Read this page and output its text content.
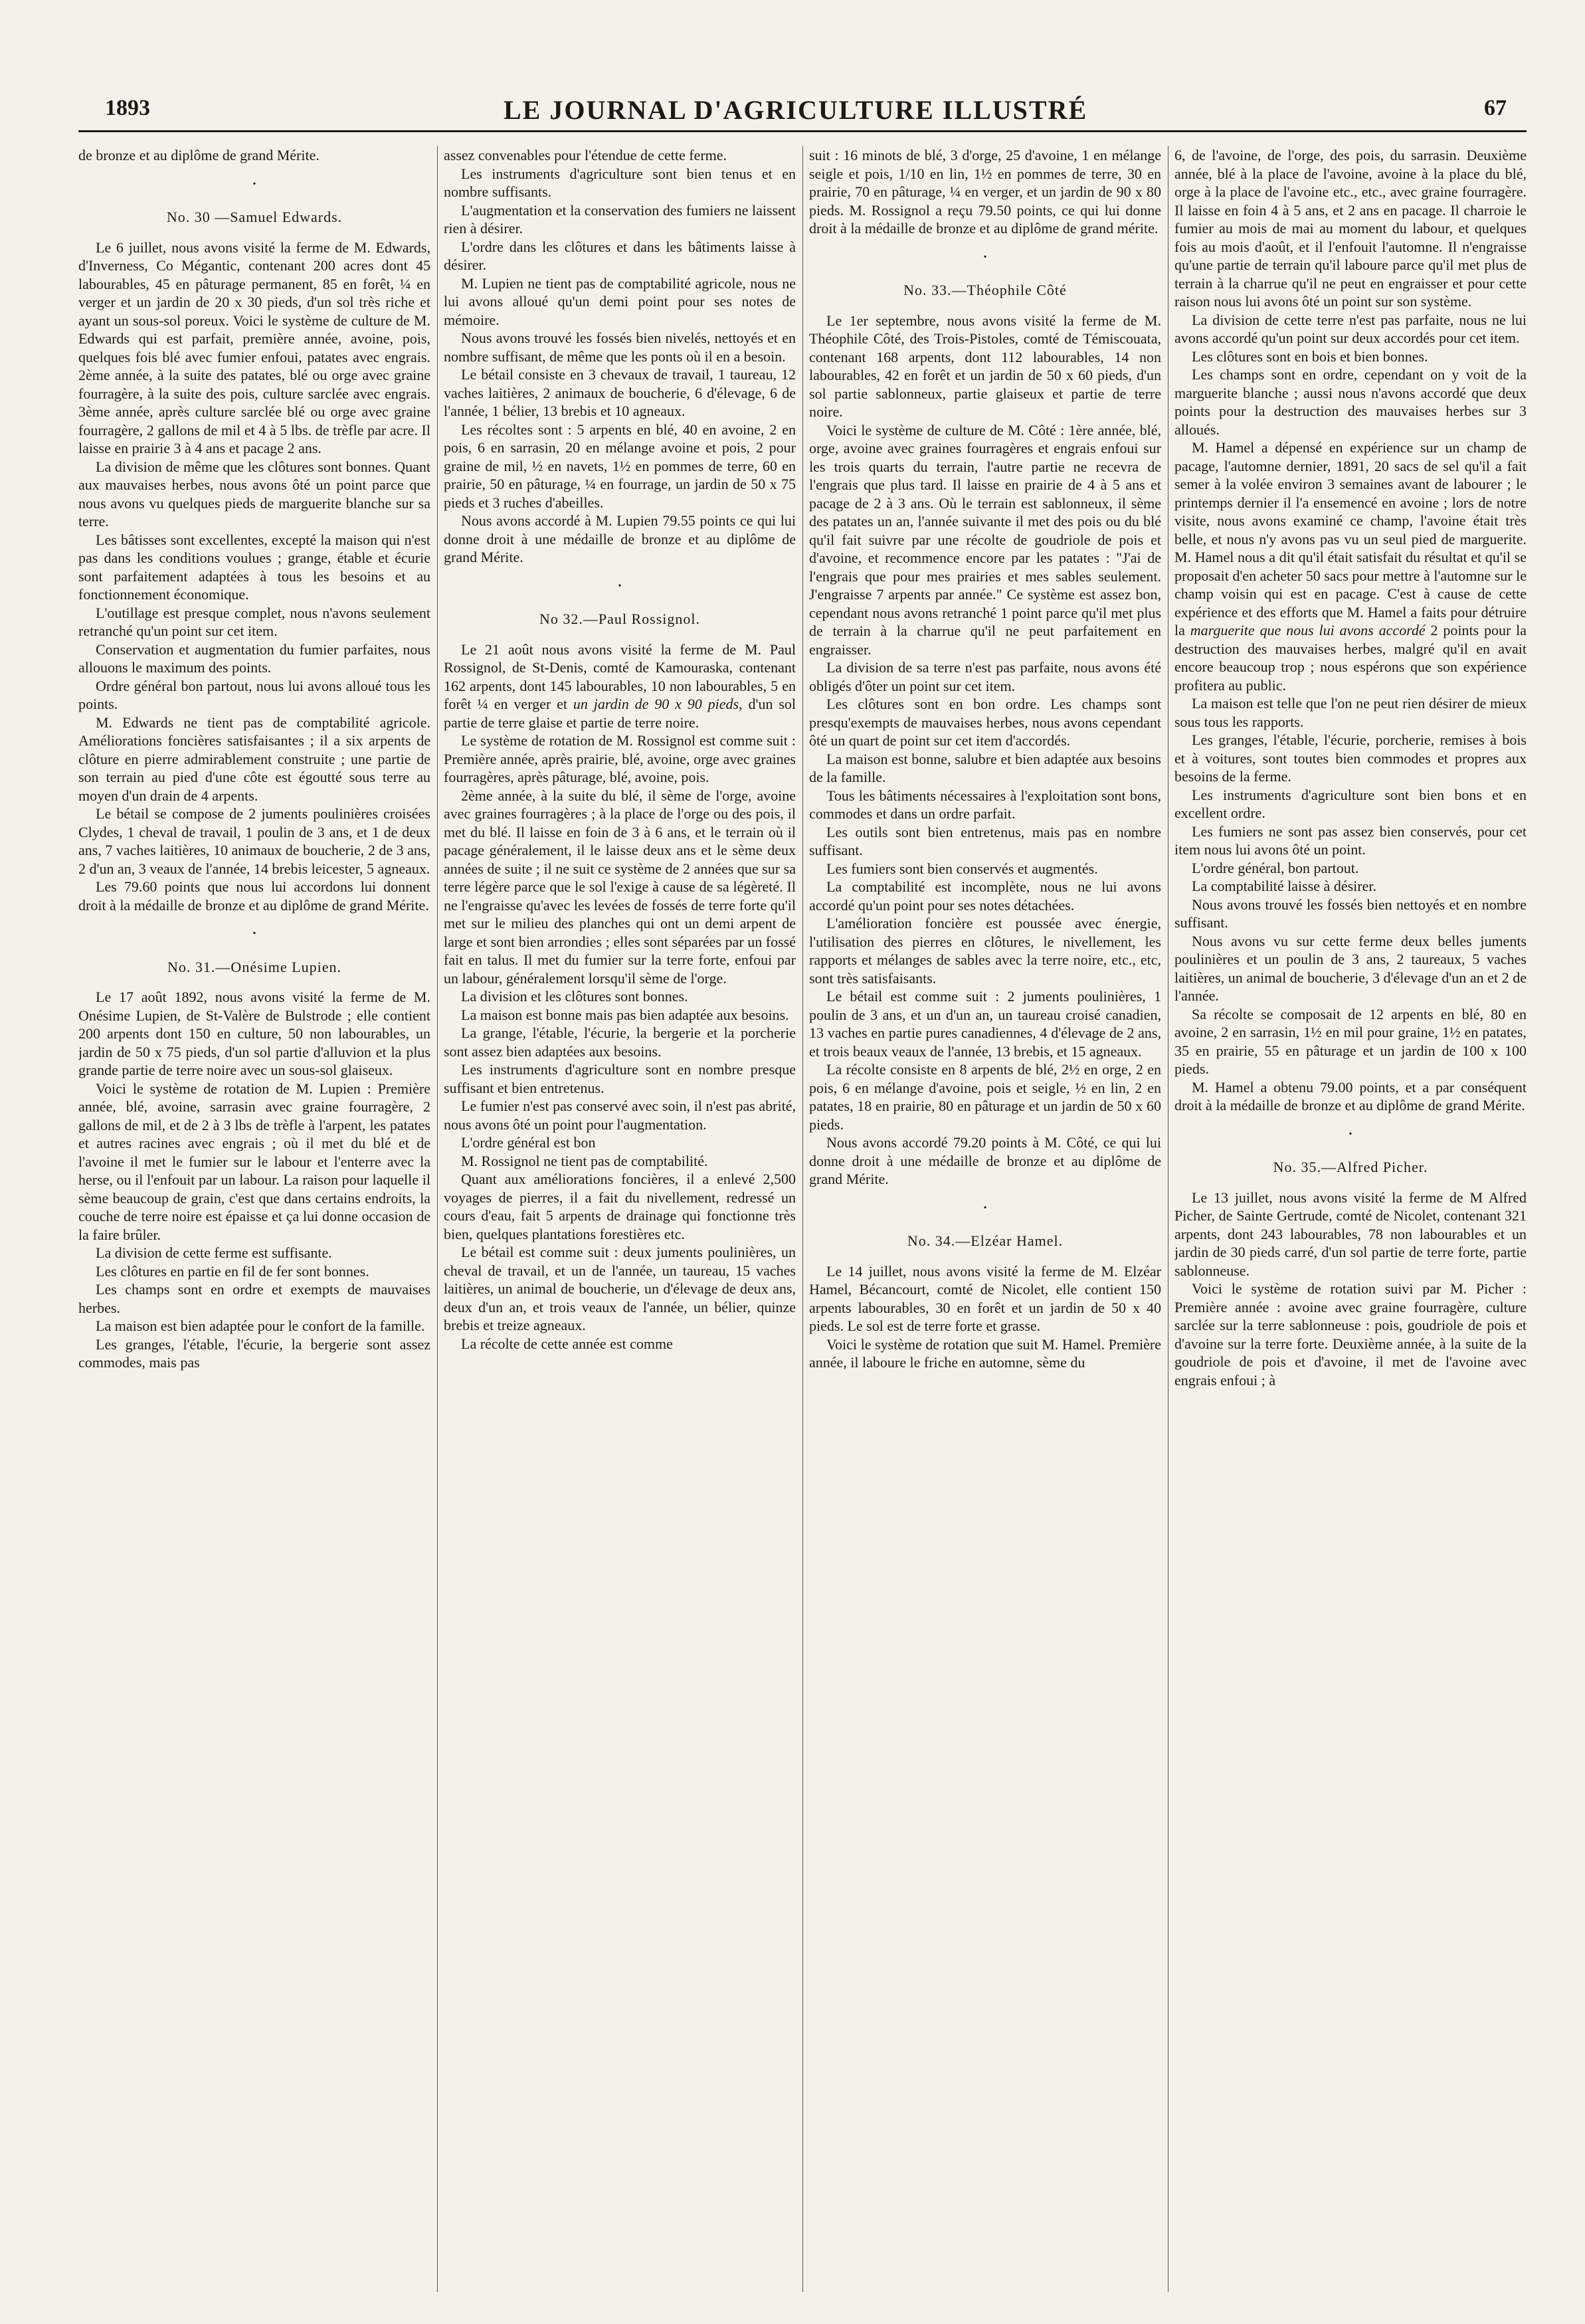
1893	LE JOURNAL D'AGRICULTURE ILLUSTRÉ	67

de bronze et au diplôme de grand Mérite.

•
No. 30 —Samuel Edwards.

Le 6 juillet, nous avons visité la ferme de M. Edwards, d'Inverness, Co Mégantic, contenant 200 acres dont 45 labourables, 45 en pâturage permanent, 85 en forêt, ¼ en verger et un jardin de 20 x 30 pieds, d'un sol très riche et ayant un sous-sol poreux. Voici le système de culture de M. Edwards qui est parfait, première année, avoine, pois, quelques fois blé avec fumier enfoui, patates avec engrais. 2ème année, à la suite des patates, blé ou orge avec graine fourragère, à la suite des pois, culture sarclée avec engrais. 3ème année, après culture sarclée blé ou orge avec graine fourragère, 2 gallons de mil et 4 à 5 lbs. de trèfle par acre. Il laisse en prairie 3 à 4 ans et pacage 2 ans.

La division de même que les clôtures sont bonnes. Quant aux mauvaises herbes, nous avons ôté un point parce que nous avons vu quelques pieds de marguerite blanche sur sa terre.

Les bâtisses sont excellentes, excepté la maison qui n'est pas dans les conditions voulues ; grange, étable et écurie sont parfaitement adaptées à tous les besoins et au fonctionnement économique.

L'outillage est presque complet, nous n'avons seulement retranché qu'un point sur cet item.

Conservation et augmentation du fumier parfaites, nous allouons le maximum des points.

Ordre général bon partout, nous lui avons alloué tous les points.

M. Edwards ne tient pas de comptabilité agricole. Améliorations foncières satisfaisantes ; il a six arpents de clôture en pierre admirablement construite ; une partie de son terrain au pied d'une côte est égoutté sous terre au moyen d'un drain de 4 arpents.

Le bétail se compose de 2 juments poulinières croisées Clydes, 1 cheval de travail, 1 poulin de 3 ans, et 1 de deux ans, 7 vaches laitières, 10 animaux de boucherie, 2 de 3 ans, 2 d'un an, 3 veaux de l'année, 14 brebis leicester, 5 agneaux.

Les 79.60 points que nous lui accordons lui donnent droit à la médaille de bronze et au diplôme de grand Mérite.

•
No. 31.—Onésime Lupien.

Le 17 août 1892, nous avons visité la ferme de M. Onésime Lupien, de St-Valère de Bulstrode ; elle contient 200 arpents dont 150 en culture, 50 non labourables, un jardin de 50 x 75 pieds, d'un sol partie d'alluvion et la plus grande partie de terre noire avec un sous-sol glaiseux.

Voici le système de rotation de M. Lupien : Première année, blé, avoine, sarrasin avec graine fourragère, 2 gallons de mil, et de 2 à 3 lbs de trèfle à l'arpent, les patates et autres racines avec engrais ; où il met du blé et de l'avoine il met le fumier sur le labour et l'enterre avec la herse, ou il l'enfouit par un labour. La raison pour laquelle il sème beaucoup de grain, c'est que dans certains endroits, la couche de terre noire est épaisse et ça lui donne occasion de la faire brûler.

La division de cette ferme est suffisante.

Les clôtures en partie en fil de fer sont bonnes.

Les champs sont en ordre et exempts de mauvaises herbes.

La maison est bien adaptée pour le confort de la famille.

Les granges, l'étable, l'écurie, la bergerie sont assez commodes, mais pas

assez convenables pour l'étendue de cette ferme.

Les instruments d'agriculture sont bien tenus et en nombre suffisants.

L'augmentation et la conservation des fumiers ne laissent rien à désirer.

L'ordre dans les clôtures et dans les bâtiments laisse à désirer.

M. Lupien ne tient pas de comptabilité agricole, nous ne lui avons alloué qu'un demi point pour ses notes de mémoire.

Nous avons trouvé les fossés bien nivelés, nettoyés et en nombre suffisant, de même que les ponts où il en a besoin.

Le bétail consiste en 3 chevaux de travail, 1 taureau, 12 vaches laitières, 2 animaux de boucherie, 6 d'élevage, 6 de l'année, 1 bélier, 13 brebis et 10 agneaux.

Les récoltes sont : 5 arpents en blé, 40 en avoine, 2 en pois, 6 en sarrasin, 20 en mélange avoine et pois, 2 pour graine de mil, ½ en navets, 1½ en pommes de terre, 60 en prairie, 50 en pâturage, ¼ en fourrage, un jardin de 50 x 75 pieds et 3 ruches d'abeilles.

Nous avons accordé à M. Lupien 79.55 points ce qui lui donne droit à une médaille de bronze et au diplôme de grand Mérite.

•
No 32.—Paul Rossignol.

Le 21 août nous avons visité la ferme de M. Paul Rossignol, de St-Denis, comté de Kamouraska, contenant 162 arpents, dont 145 labourables, 10 non labourables, 5 en forêt ¼ en verger et un jardin de 90 x 90 pieds, d'un sol partie de terre glaise et partie de terre noire.

Le système de rotation de M. Rossignol est comme suit : Première année, après prairie, blé, avoine, orge avec graines fourragères, après pâturage, blé, avoine, pois.

2ème année, à la suite du blé, il sème de l'orge, avoine avec graines fourragères ; à la place de l'orge ou des pois, il met du blé. Il laisse en foin de 3 à 6 ans, et le terrain où il pacage généralement, il le laisse deux ans et le sème deux années de suite ; il ne suit ce système de 2 années que sur sa terre légère parce que le sol l'exige à cause de sa légèreté. Il ne l'engraisse qu'avec les levées de fossés de terre forte qu'il met sur le milieu des planches qui ont un demi arpent de large et sont bien arrondies ; elles sont séparées par un fossé fait en talus. Il met du fumier sur la terre forte, enfoui par un labour, généralement lorsqu'il sème de l'orge.

La division et les clôtures sont bonnes.

La maison est bonne mais pas bien adaptée aux besoins.

La grange, l'étable, l'écurie, la bergerie et la porcherie sont assez bien adaptées aux besoins.

Les instruments d'agriculture sont en nombre presque suffisant et bien entretenus.

Le fumier n'est pas conservé avec soin, il n'est pas abrité, nous avons ôté un point pour l'augmentation.

L'ordre général est bon

M. Rossignol ne tient pas de comptabilité.

Quant aux améliorations foncières, il a enlevé 2,500 voyages de pierres, il a fait du nivellement, redressé un cours d'eau, fait 5 arpents de drainage qui fonctionne très bien, quelques plantations forestières etc.

Le bétail est comme suit : deux juments poulinières, un cheval de travail, et un de l'année, un taureau, 15 vaches laitières, un animal de boucherie, un d'élevage de deux ans, deux d'un an, et trois veaux de l'année, un bélier, quinze brebis et treize agneaux.

La récolte de cette année est comme

suit : 16 minots de blé, 3 d'orge, 25 d'avoine, 1 en mélange seigle et pois, 1/10 en lin, 1½ en pommes de terre, 30 en prairie, 70 en pâturage, ¼ en verger, et un jardin de 90 x 80 pieds. M. Rossignol a reçu 79.50 points, ce qui lui donne droit à la médaille de bronze et au diplôme de grand mérite.

•
No. 33.—Théophile Côté

Le 1er septembre, nous avons visité la ferme de M. Théophile Côté, des Trois-Pistoles, comté de Témiscouata, contenant 168 arpents, dont 112 labourables, 14 non labourables, 42 en forêt et un jardin de 50 x 60 pieds, d'un sol partie sablonneux, partie glaiseux et partie de terre noire.

Voici le système de culture de M. Côté : 1ère année, blé, orge, avoine avec graines fourragères et engrais enfoui sur les trois quarts du terrain, l'autre partie ne recevra de l'engrais que plus tard. Il laisse en prairie de 4 à 5 ans et pacage de 2 à 3 ans. Où le terrain est sablonneux, il sème des patates un an, l'année suivante il met des pois ou du blé qu'il fait suivre par une récolte de goudriole de pois et d'avoine, et recommence encore par les patates : "J'ai de l'engrais que pour mes prairies et mes sables seulement. J'engraisse 7 arpents par année." Ce système est assez bon, cependant nous avons retranché 1 point parce qu'il met plus de terrain à la charrue qu'il ne peut parfaitement en engraisser.

La division de sa terre n'est pas parfaite, nous avons été obligés d'ôter un point sur cet item.

Les clôtures sont en bon ordre. Les champs sont presqu'exempts de mauvaises herbes, nous avons cependant ôté un quart de point sur cet item d'accordés.

La maison est bonne, salubre et bien adaptée aux besoins de la famille.

Tous les bâtiments nécessaires à l'exploitation sont bons, commodes et dans un ordre parfait.

Les outils sont bien entretenus, mais pas en nombre suffisant.

Les fumiers sont bien conservés et augmentés.

La comptabilité est incomplète, nous ne lui avons accordé qu'un point pour ses notes détachées.

L'amélioration foncière est poussée avec énergie, l'utilisation des pierres en clôtures, le nivellement, les rapports et mélanges de sables avec la terre noire, etc., etc, sont très satisfaisants.

Le bétail est comme suit : 2 juments poulinières, 1 poulin de 3 ans, et un d'un an, un taureau croisé canadien, 13 vaches en partie pures canadiennes, 4 d'élevage de 2 ans, et trois beaux veaux de l'année, 13 brebis, et 15 agneaux.

La récolte consiste en 8 arpents de blé, 2½ en orge, 2 en pois, 6 en mélange d'avoine, pois et seigle, ½ en lin, 2 en patates, 18 en prairie, 80 en pâturage et un jardin de 50 x 60 pieds.

Nous avons accordé 79.20 points à M. Côté, ce qui lui donne droit à une médaille de bronze et au diplôme de grand Mérite.

•
No. 34.—Elzéar Hamel.

Le 14 juillet, nous avons visité la ferme de M. Elzéar Hamel, Bécancourt, comté de Nicolet, elle contient 150 arpents labourables, 30 en forêt et un jardin de 50 x 40 pieds. Le sol est de terre forte et grasse.

Voici le système de rotation que suit M. Hamel. Première année, il laboure le friche en automne, sème du

6, de l'avoine, de l'orge, des pois, du sarrasin. Deuxième année, blé à la place de l'avoine, avoine à la place du blé, orge à la place de l'avoine etc., etc., avec graine fourragère. Il laisse en foin 4 à 5 ans, et 2 ans en pacage. Il charroie le fumier au mois de mai au moment du labour, et quelques fois au mois d'août, et il l'enfouit l'automne. Il n'engraisse qu'une partie de terrain qu'il laboure parce qu'il met plus de terrain à la charrue qu'il ne peut en engraisser et pour cette raison nous lui avons ôté un point sur son système.

La division de cette terre n'est pas parfaite, nous ne lui avons accordé qu'un point sur deux accordés pour cet item.

Les clôtures sont en bois et bien bonnes.

Les champs sont en ordre, cependant on y voit de la marguerite blanche ; aussi nous n'avons accordé que deux points pour la destruction des mauvaises herbes sur 3 alloués.

M. Hamel a dépensé en expérience sur un champ de pacage, l'automne dernier, 1891, 20 sacs de sel qu'il a fait semer à la volée environ 3 semaines avant de labourer ; le printemps dernier il l'a ensemencé en avoine ; lors de notre visite, nous avons examiné ce champ, l'avoine était très belle, et nous n'y avons pas vu un seul pied de marguerite. M. Hamel nous a dit qu'il était satisfait du résultat et qu'il se proposait d'en acheter 50 sacs pour mettre à l'automne sur le champ voisin qui est en pacage. C'est à cause de cette expérience et des efforts que M. Hamel a faits pour détruire la marguerite que nous lui avons accordé 2 points pour la destruction des mauvaises herbes, malgré qu'il en avait encore beaucoup trop ; nous espérons que son expérience profitera au public.

La maison est telle que l'on ne peut rien désirer de mieux sous tous les rapports.

Les granges, l'étable, l'écurie, porcherie, remises à bois et à voitures, sont toutes bien commodes et propres aux besoins de la ferme.

Les instruments d'agriculture sont bien bons et en excellent ordre.

Les fumiers ne sont pas assez bien conservés, pour cet item nous lui avons ôté un point.

L'ordre général, bon partout.

La comptabilité laisse à désirer.

Nous avons trouvé les fossés bien nettoyés et en nombre suffisant.

Nous avons vu sur cette ferme deux belles juments poulinières et un poulin de 3 ans, 2 taureaux, 5 vaches laitières, un animal de boucherie, 3 d'élevage d'un an et 2 de l'année.

Sa récolte se composait de 12 arpents en blé, 80 en avoine, 2 en sarrasin, 1½ en mil pour graine, 1½ en patates, 35 en prairie, 55 en pâturage et un jardin de 100 x 100 pieds.

M. Hamel a obtenu 79.00 points, et a par conséquent droit à la médaille de bronze et au diplôme de grand Mérite.

•
No. 35.—Alfred Picher.

Le 13 juillet, nous avons visité la ferme de M Alfred Picher, de Sainte Gertrude, comté de Nicolet, contenant 321 arpents, dont 243 labourables, 78 non labourables et un jardin de 30 pieds carré, d'un sol partie de terre forte, partie sablonneuse.

Voici le système de rotation suivi par M. Picher : Première année : avoine avec graine fourragère, culture sarclée sur la terre sablonneuse : pois, goudriole de pois et d'avoine sur la terre forte. Deuxième année, à la suite de la goudriole de pois et d'avoine, il met de l'avoine avec engrais enfoui ; à
